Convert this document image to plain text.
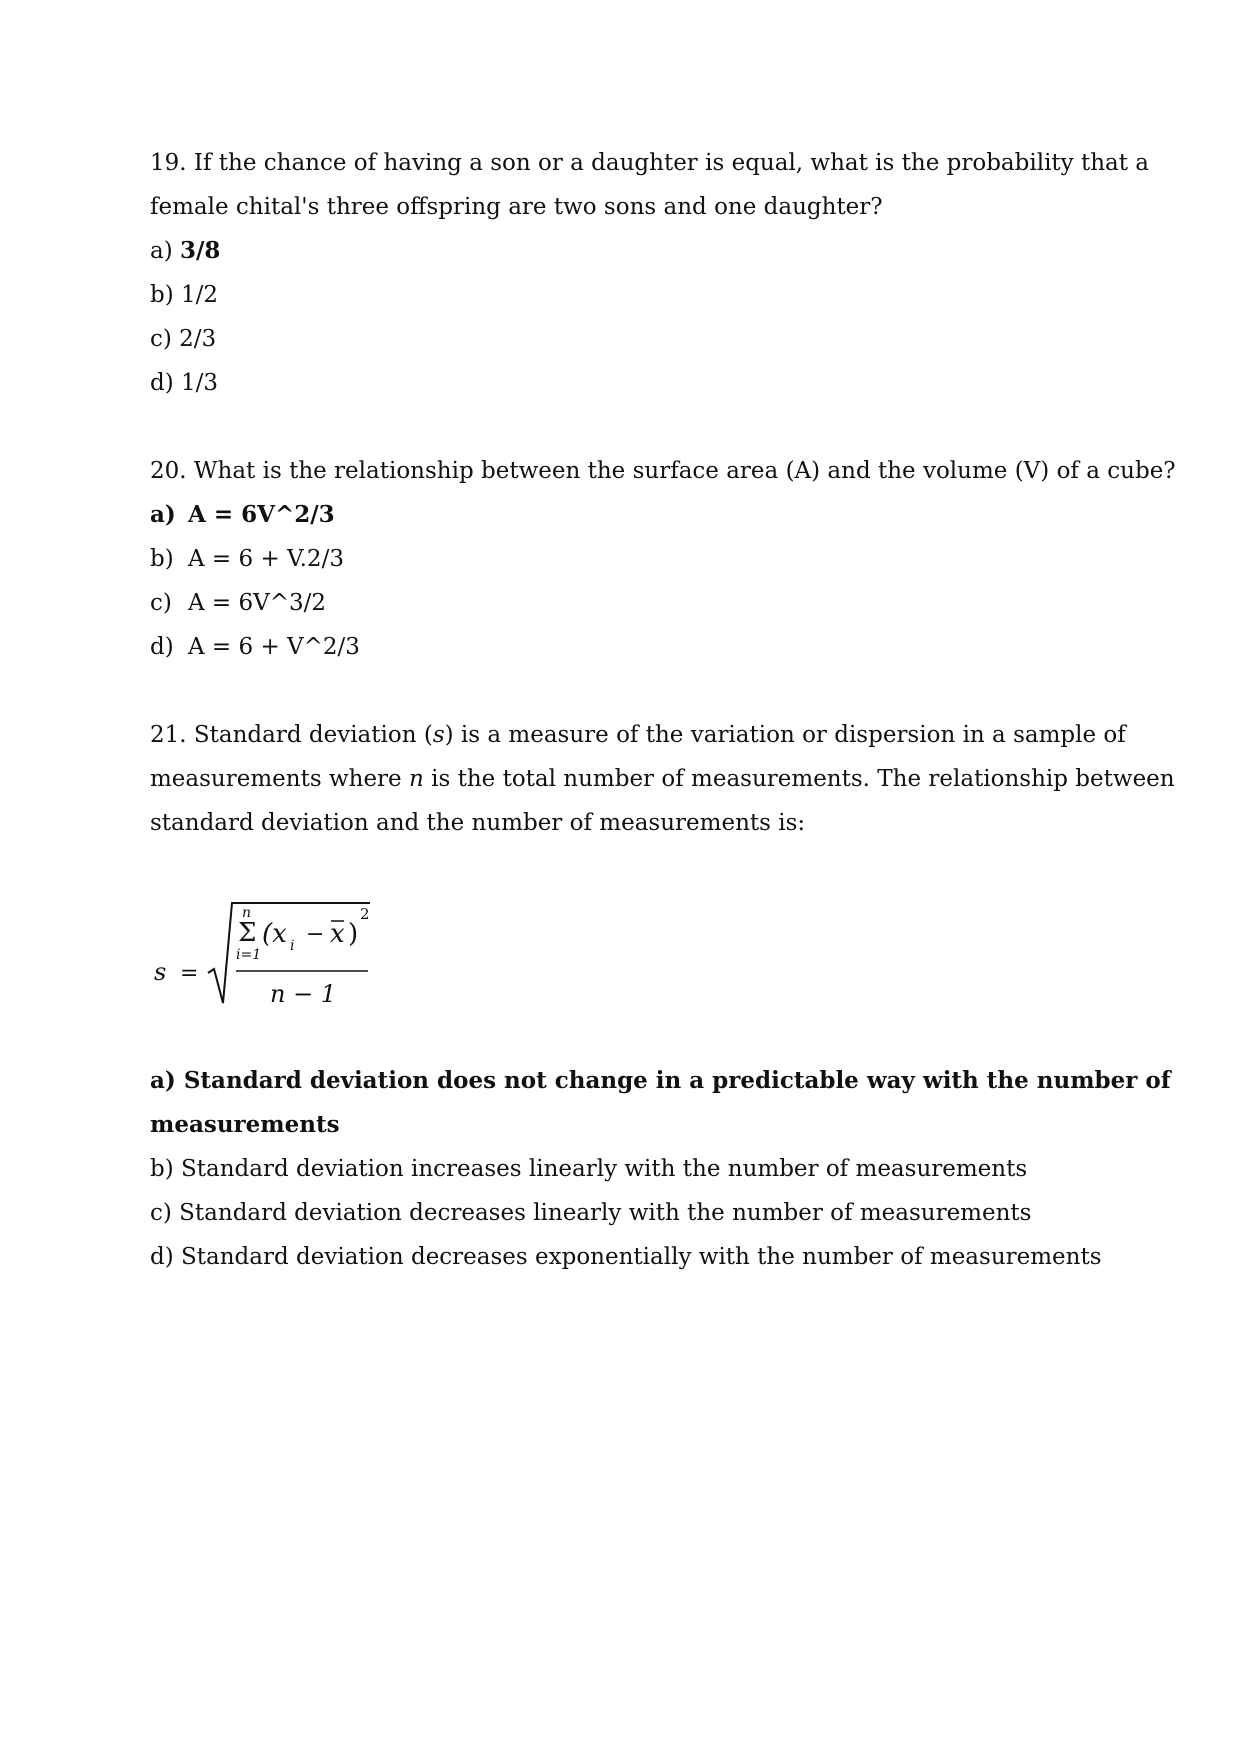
19. If the chance of having a son or a daughter is equal, what is the probability that a
female chital's three offspring are two sons and one daughter?
a) 3/8
b) 1/2
c) 2/3
d) 1/3
20. What is the relationship between the surface area (A) and the volume (V) of a cube?
a) A = 6V^2/3
b) A = 6 + V.2/3
c) A = 6V^3/2
d) A = 6 + V^2/3
21. Standard deviation (s) is a measure of the variation or dispersion in a sample of
measurements where n is the total number of measurements. The relationship between
standard deviation and the number of measurements is:
s =
n
Σ
i=1
(x i − x )
2
n − 1
a) Standard deviation does not change in a predictable way with the number of
measurements
b) Standard deviation increases linearly with the number of measurements
c) Standard deviation decreases linearly with the number of measurements
d) Standard deviation decreases exponentially with the number of measurements
